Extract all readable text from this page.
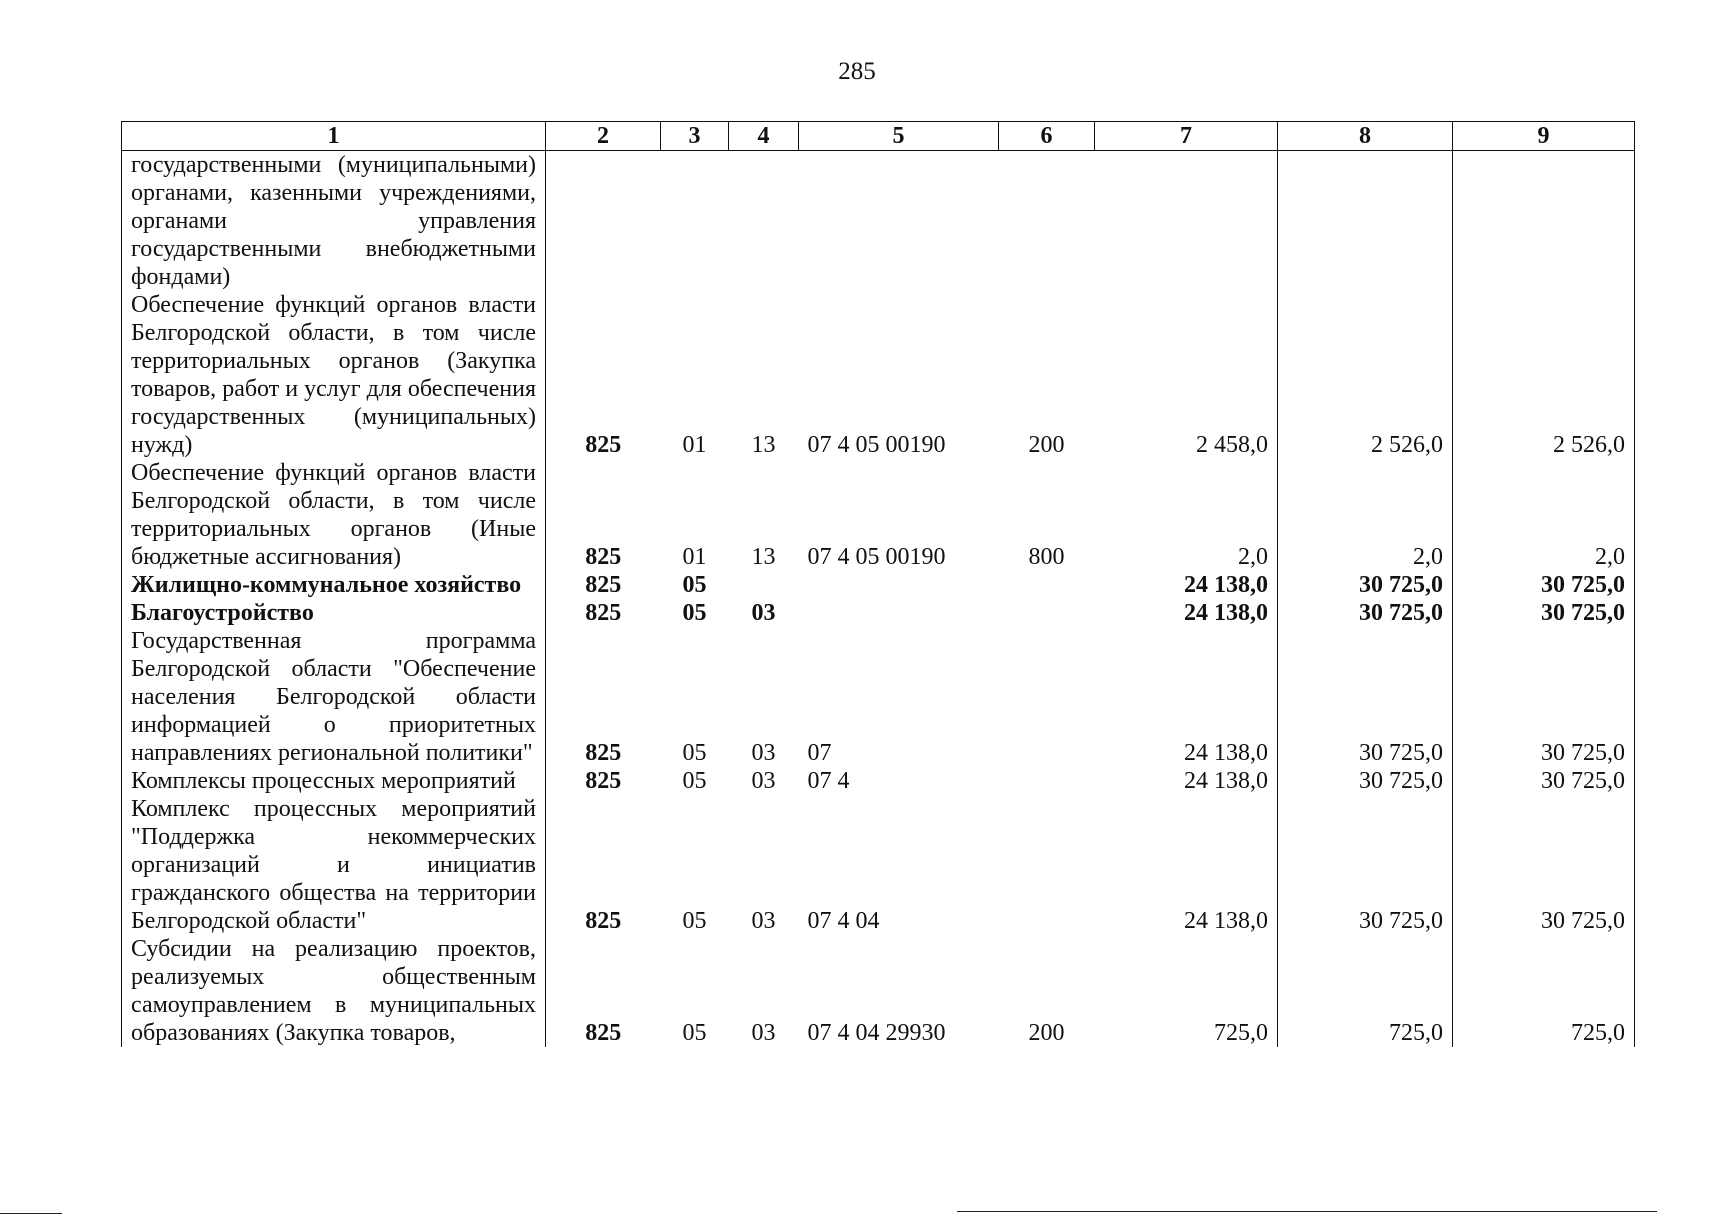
285
1	2	3	4	5	6	7	8	9
государственными (муниципальными) органами, казенными учреждениями, органами управления государственными внебюджетными фондами)								
Обеспечение функций органов власти Белгородской области, в том числе территориальных органов (Закупка товаров, работ и услуг для обеспечения государственных (муниципальных) нужд)	825	01	13	07 4 05 00190	200	2 458,0	2 526,0	2 526,0
Обеспечение функций органов власти Белгородской области, в том числе территориальных органов (Иные бюджетные ассигнования)	825	01	13	07 4 05 00190	800	2,0	2,0	2,0
Жилищно-коммунальное хозяйство	825	05				24 138,0	30 725,0	30 725,0
Благоустройство	825	05	03			24 138,0	30 725,0	30 725,0
Государственная программа Белгородской области "Обеспечение населения Белгородской области информацией о приоритетных направлениях региональной политики"	825	05	03	07		24 138,0	30 725,0	30 725,0
Комплексы процессных мероприятий	825	05	03	07 4		24 138,0	30 725,0	30 725,0
Комплекс процессных мероприятий "Поддержка некоммерческих организаций и инициатив гражданского общества на территории Белгородской области"	825	05	03	07 4 04		24 138,0	30 725,0	30 725,0
Субсидии на реализацию проектов, реализуемых общественным самоуправлением в муниципальных образованиях (Закупка товаров,	825	05	03	07 4 04 29930	200	725,0	725,0	725,0
